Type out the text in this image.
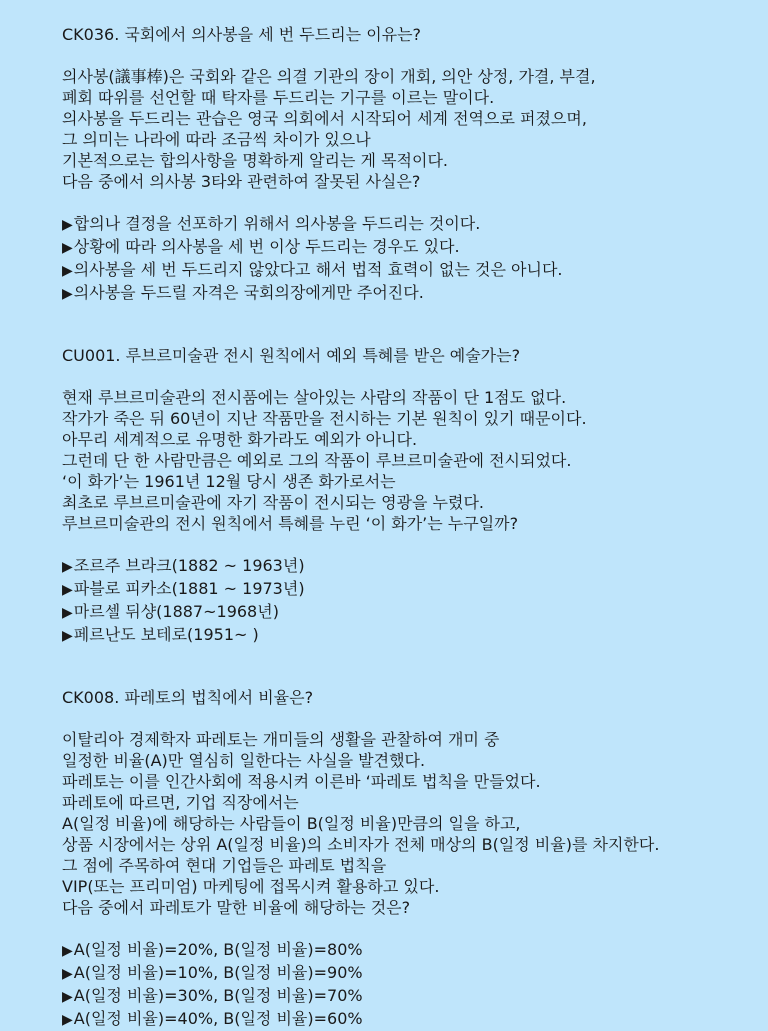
CK036. 국회에서 의사봉을 세 번 두드리는 이유는?
의사봉(議事棒)은 국회와 같은 의결 기관의 장이 개회, 의안 상정, 가결, 부결,
폐회 따위를 선언할 때 탁자를 두드리는 기구를 이르는 말이다.
의사봉을 두드리는 관습은 영국 의회에서 시작되어 세계 전역으로 퍼졌으며,
그 의미는 나라에 따라 조금씩 차이가 있으나
기본적으로는 합의사항을 명확하게 알리는 게 목적이다.
다음 중에서 의사봉 3타와 관련하여 잘못된 사실은?
▶합의나 결정을 선포하기 위해서 의사봉을 두드리는 것이다.
▶상황에 따라 의사봉을 세 번 이상 두드리는 경우도 있다.
▶의사봉을 세 번 두드리지 않았다고 해서 법적 효력이 없는 것은 아니다.
▶의사봉을 두드릴 자격은 국회의장에게만 주어진다.
CU001. 루브르미술관 전시 원칙에서 예외 특혜를 받은 예술가는?
현재 루브르미술관의 전시품에는 살아있는 사람의 작품이 단 1점도 없다.
작가가 죽은 뒤 60년이 지난 작품만을 전시하는 기본 원칙이 있기 때문이다.
아무리 세계적으로 유명한 화가라도 예외가 아니다.
그런데 단 한 사람만큼은 예외로 그의 작품이 루브르미술관에 전시되었다.
‘이 화가’는 1961년 12월 당시 생존 화가로서는
최초로 루브르미술관에 자기 작품이 전시되는 영광을 누렸다.
루브르미술관의 전시 원칙에서 특혜를 누린 ‘이 화가’는 누구일까?
▶조르주 브라크(1882 ~ 1963년)
▶파블로 피카소(1881 ~ 1973년)
▶마르셀 뒤샹(1887~1968년)
▶페르난도 보테로(1951~ )
CK008. 파레토의 법칙에서 비율은?
이탈리아 경제학자 파레토는 개미들의 생활을 관찰하여 개미 중
일정한 비율(A)만 열심히 일한다는 사실을 발견했다.
파레토는 이를 인간사회에 적용시켜 이른바 ‘파레토 법칙을 만들었다.
파레토에 따르면, 기업 직장에서는
A(일정 비율)에 해당하는 사람들이 B(일정 비율)만큼의 일을 하고,
상품 시장에서는 상위 A(일정 비율)의 소비자가 전체 매상의 B(일정 비율)를 차지한다.
그 점에 주목하여 현대 기업들은 파레토 법칙을
VIP(또는 프리미엄) 마케팅에 접목시켜 활용하고 있다.
다음 중에서 파레토가 말한 비율에 해당하는 것은?
▶A(일정 비율)=20%, B(일정 비율)=80%
▶A(일정 비율)=10%, B(일정 비율)=90%
▶A(일정 비율)=30%, B(일정 비율)=70%
▶A(일정 비율)=40%, B(일정 비율)=60%
